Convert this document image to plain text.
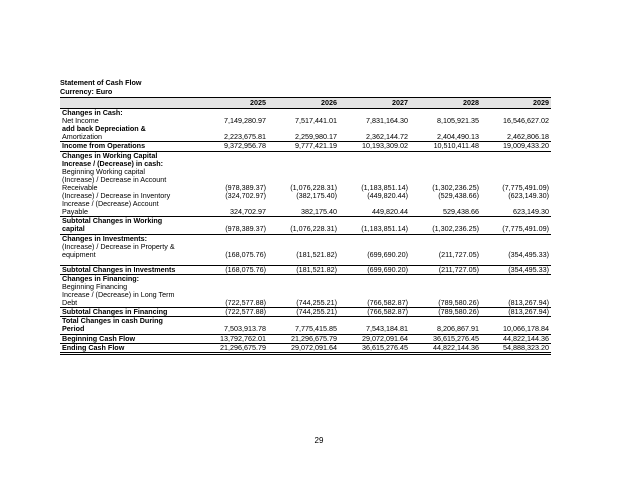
Statement of Cash Flow
Currency: Euro
	2025	2026	2027	2028	2029

Changes in Cash:					

Net Income	7,149,280.97	7,517,441.01	7,831,164.30	8,105,921.35	16,546,627.02

add back Depreciation &
Amortization	2,223,675.81	2,259,980.17	2,362,144.72	2,404,490.13	2,462,806.18

Income from Operations	9,372,956.78	9,777,421.19	10,193,309.02	10,510,411.48	19,009,433.20

Changes in Working Capital
Increase / (Decrease) in cash:					

Beginning Working capital
(Increase) / Decrease in Account
Receivable	(978,389.37)	(1,076,228.31)	(1,183,851.14)	(1,302,236.25)	(7,775,491.09)

(Increase) / Decrease in Inventory	(324,702.97)	(382,175.40)	(449,820.44)	(529,438.66)	(623,149.30)

Increase / (Decrease) Account
Payable	324,702.97	382,175.40	449,820.44	529,438.66	623,149.30

Subtotal Changes in Working
capital	(978,389.37)	(1,076,228.31)	(1,183,851.14)	(1,302,236.25)	(7,775,491.09)

Changes in Investments:					

(Increase) / Decrease in Property &
equipment	(168,075.76)	(181,521.82)	(699,690.20)	(211,727.05)	(354,495.33)

Subtotal Changes in Investments	(168,075.76)	(181,521.82)	(699,690.20)	(211,727.05)	(354,495.33)

Changes in Financing:					

Beginning Financing
Increase / (Decrease) in Long Term
Debt	(722,577.88)	(744,255.21)	(766,582.87)	(789,580.26)	(813,267.94)

Subtotal Changes in Financing	(722,577.88)	(744,255.21)	(766,582.87)	(789,580.26)	(813,267.94)

Total Changes in cash During
Period	7,503,913.78	7,775,415.85	7,543,184.81	8,206,867.91	10,066,178.84

Beginning Cash Flow	13,792,762.01	21,296,675.79	29,072,091.64	36,615,276.45	44,822,144.36

Ending Cash Flow	21,296,675.79	29,072,091.64	36,615,276.45	44,822,144.36	54,888,323.20
29
